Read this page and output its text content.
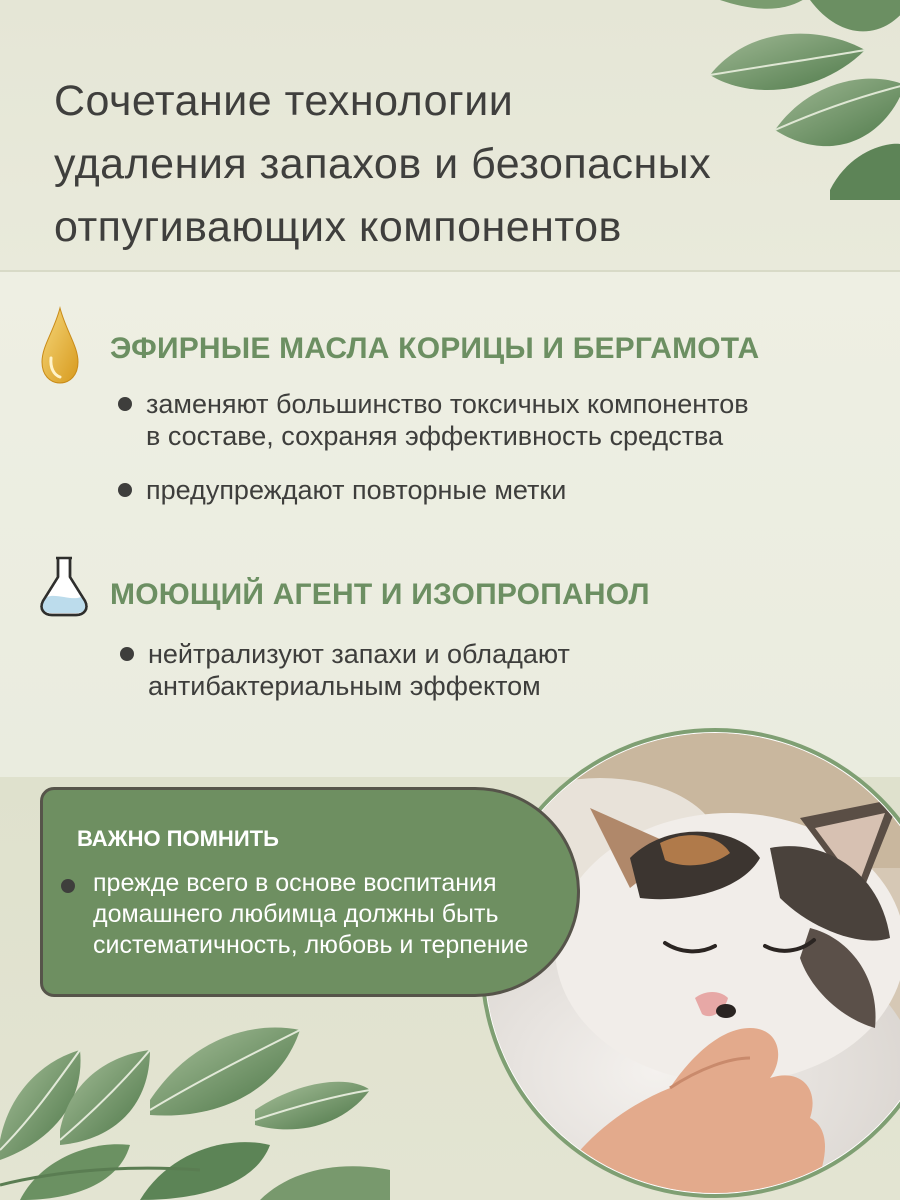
Сочетание технологии
удаления запахов и безопасных
отпугивающих компонентов
ЭФИРНЫЕ МАСЛА КОРИЦЫ И БЕРГАМОТА
заменяют большинство токсичных компонентов
в составе, сохраняя эффективность средства
предупреждают повторные метки
МОЮЩИЙ АГЕНТ И ИЗОПРОПАНОЛ
нейтрализуют запахи и обладают
антибактериальным эффектом
ВАЖНО ПОМНИТЬ
прежде всего в основе воспитания
домашнего любимца должны быть
систематичность, любовь и терпение
